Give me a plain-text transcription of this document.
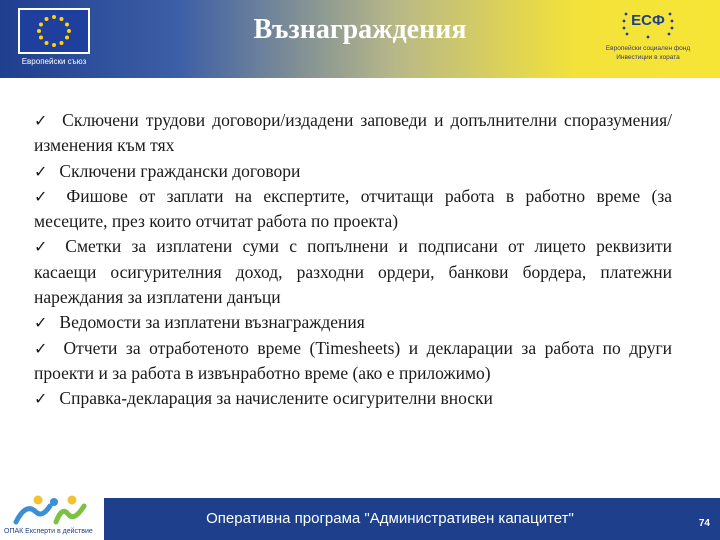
Европейски съюз
Възнаграждения	ЕСФ
Европейски социален фонд
Инвестиции в хората
✓ Сключени трудови договори/издадени заповеди и допълнителни споразумения/изменения към тях
✓ Сключени граждански договори
✓ Фишове от заплати на експертите, отчитащи работа в работно време (за месеците, през които отчитат работа по проекта)
✓ Сметки за изплатени суми с попълнени и подписани от лицето реквизити касаещи осигурителния доход, разходни ордери, банкови бордера, платежни нареждания за изплатени данъци
✓ Ведомости за изплатени възнаграждения
✓ Отчети за отработеното време (Timesheets) и декларации за работа по други проекти и за работа в извънработно време (ако е приложимо)
✓ Справка-декларация за начислените осигурителни вноски
ОПАК Експерти в действие
Оперативна програма "Административен капацитет"	74
